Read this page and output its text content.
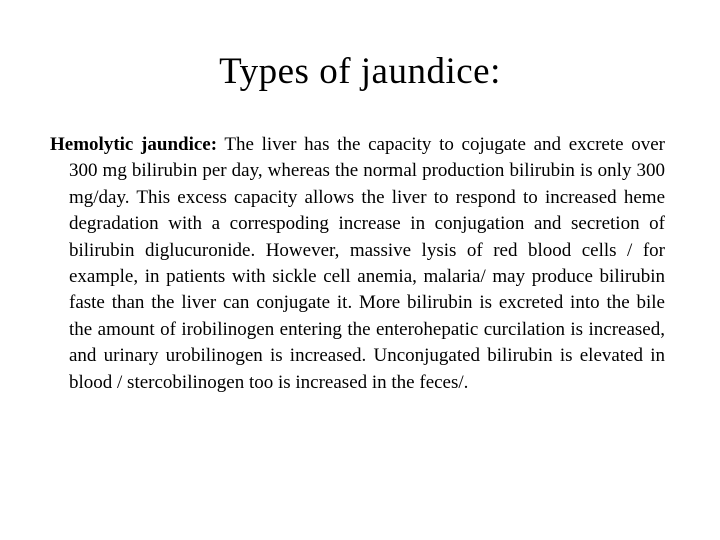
Types of jaundice:

Hemolytic jaundice: The liver has the capacity to cojugate and excrete over 300 mg bilirubin per day, whereas the normal production bilirubin is only 300 mg/day. This excess capacity allows the liver to respond to increased heme degradation with a correspoding increase in conjugation and secretion of bilirubin diglucuronide. However, massive lysis of red blood cells / for example, in patients with sickle cell anemia, malaria/ may produce bilirubin faste than the liver can conjugate it. More bilirubin is excreted into the bile the amount of irobilinogen entering the enterohepatic curcilation is increased, and urinary urobilinogen is increased. Unconjugated bilirubin is elevated in blood / stercobilinogen too is increased in the feces/.
